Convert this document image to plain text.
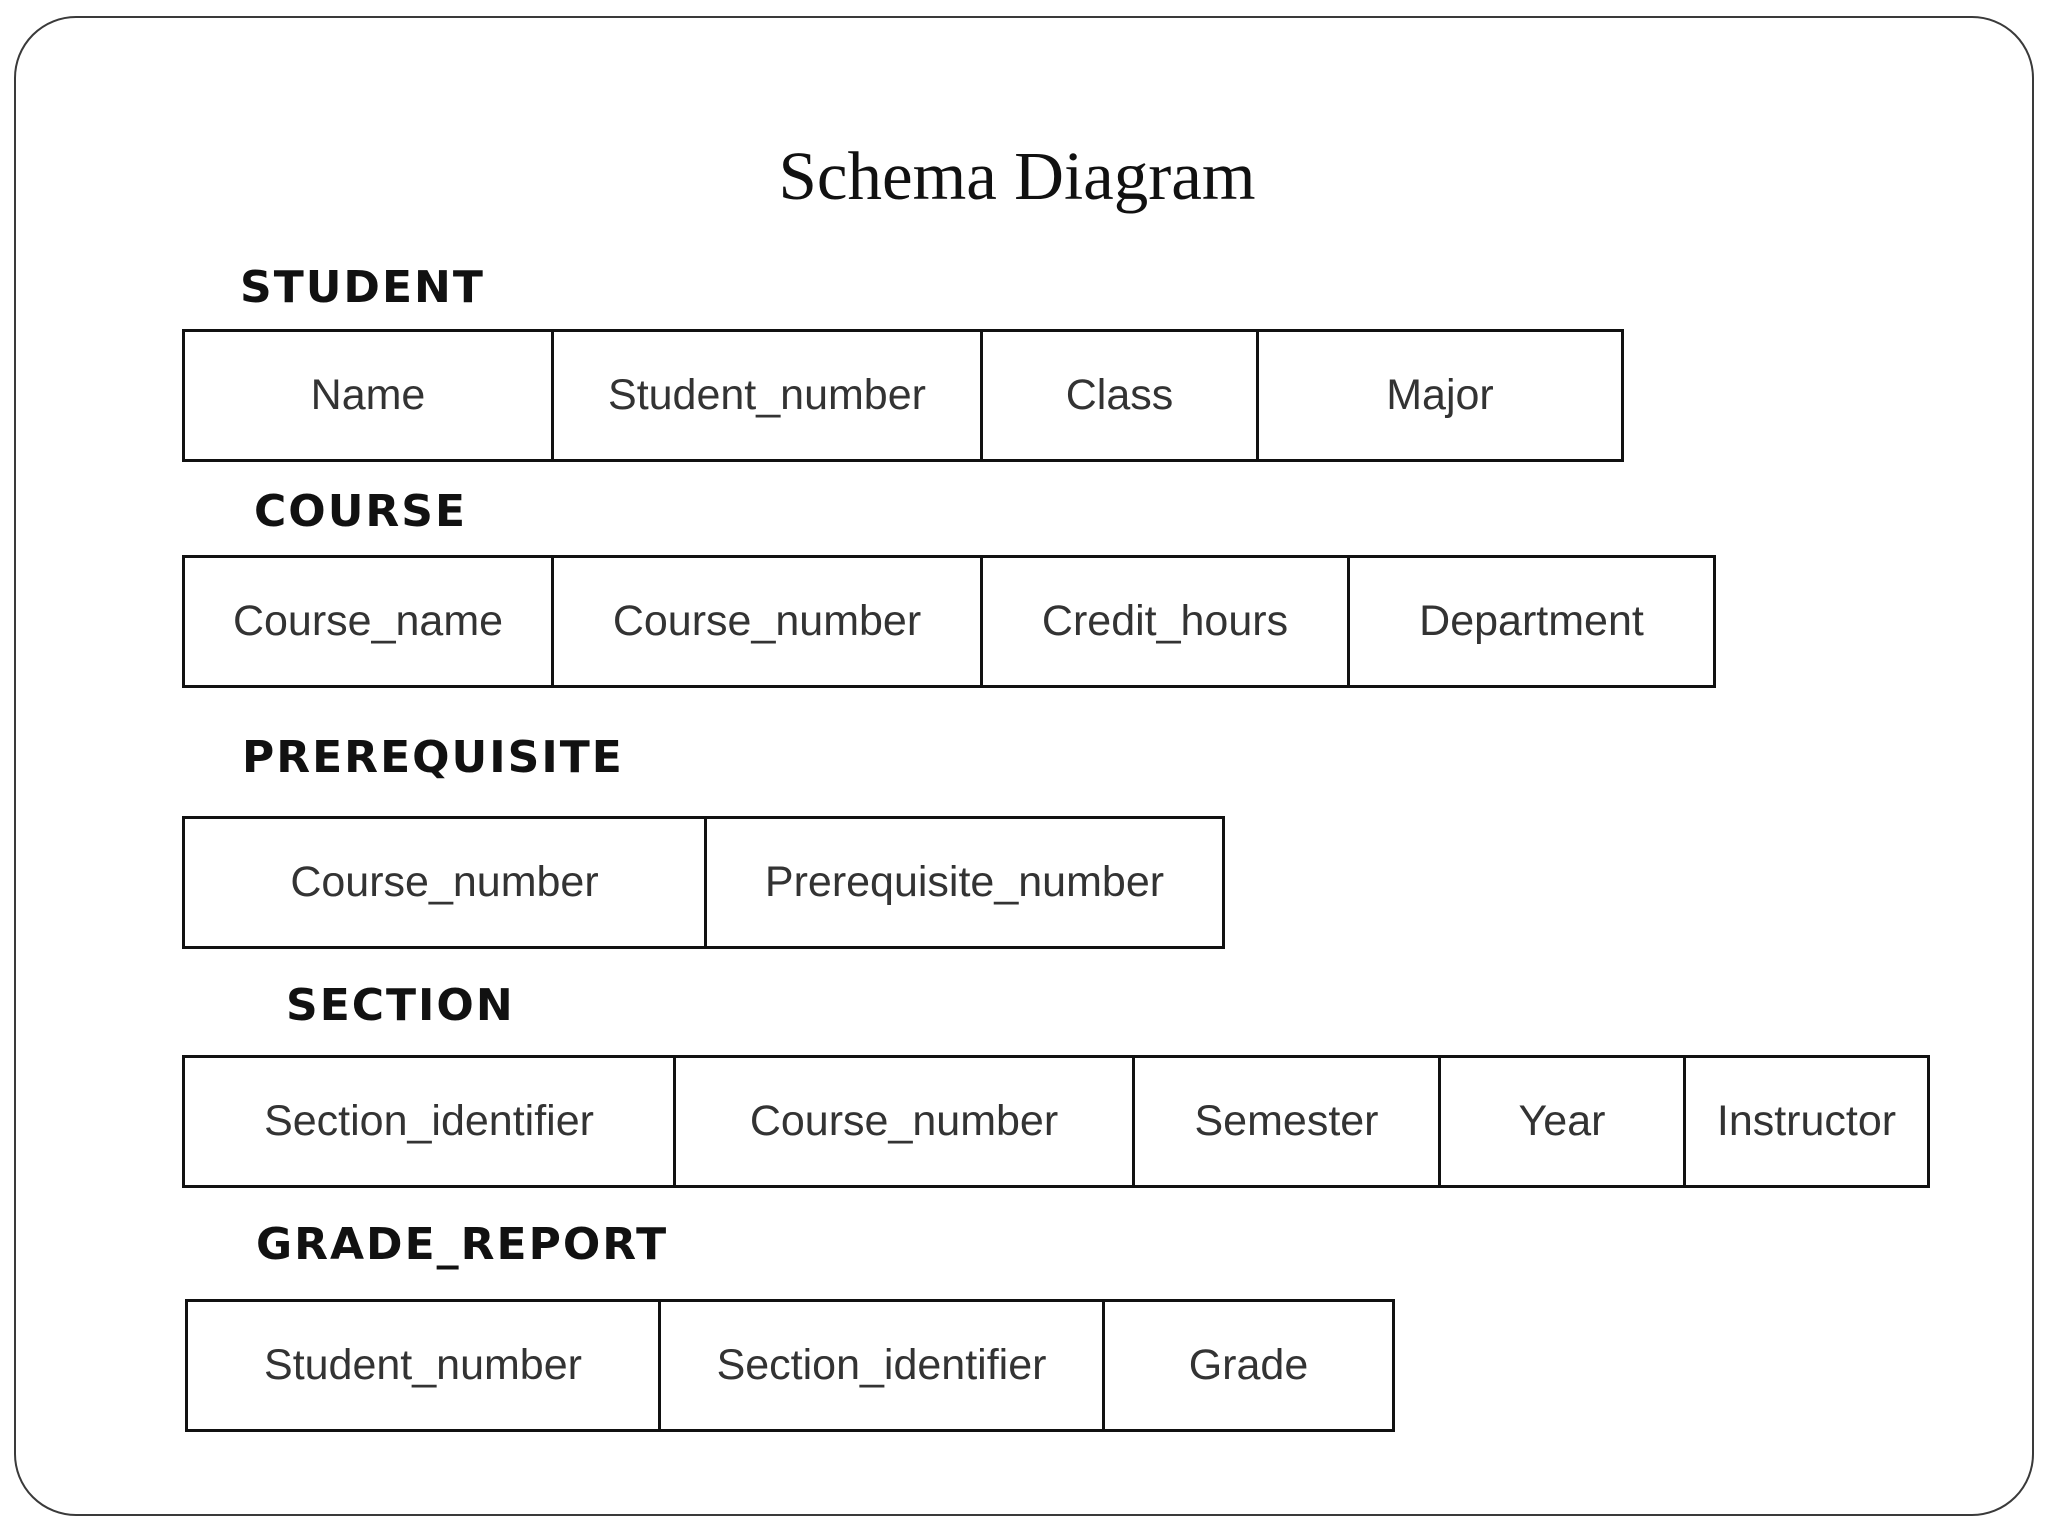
Schema Diagram
STUDENT
Name	Student_number	Class	Major
COURSE
Course_name	Course_number	Credit_hours	Department
PREREQUISITE
Course_number	Prerequisite_number
SECTION
Section_identifier	Course_number	Semester	Year	Instructor
GRADE_REPORT
Student_number	Section_identifier	Grade
